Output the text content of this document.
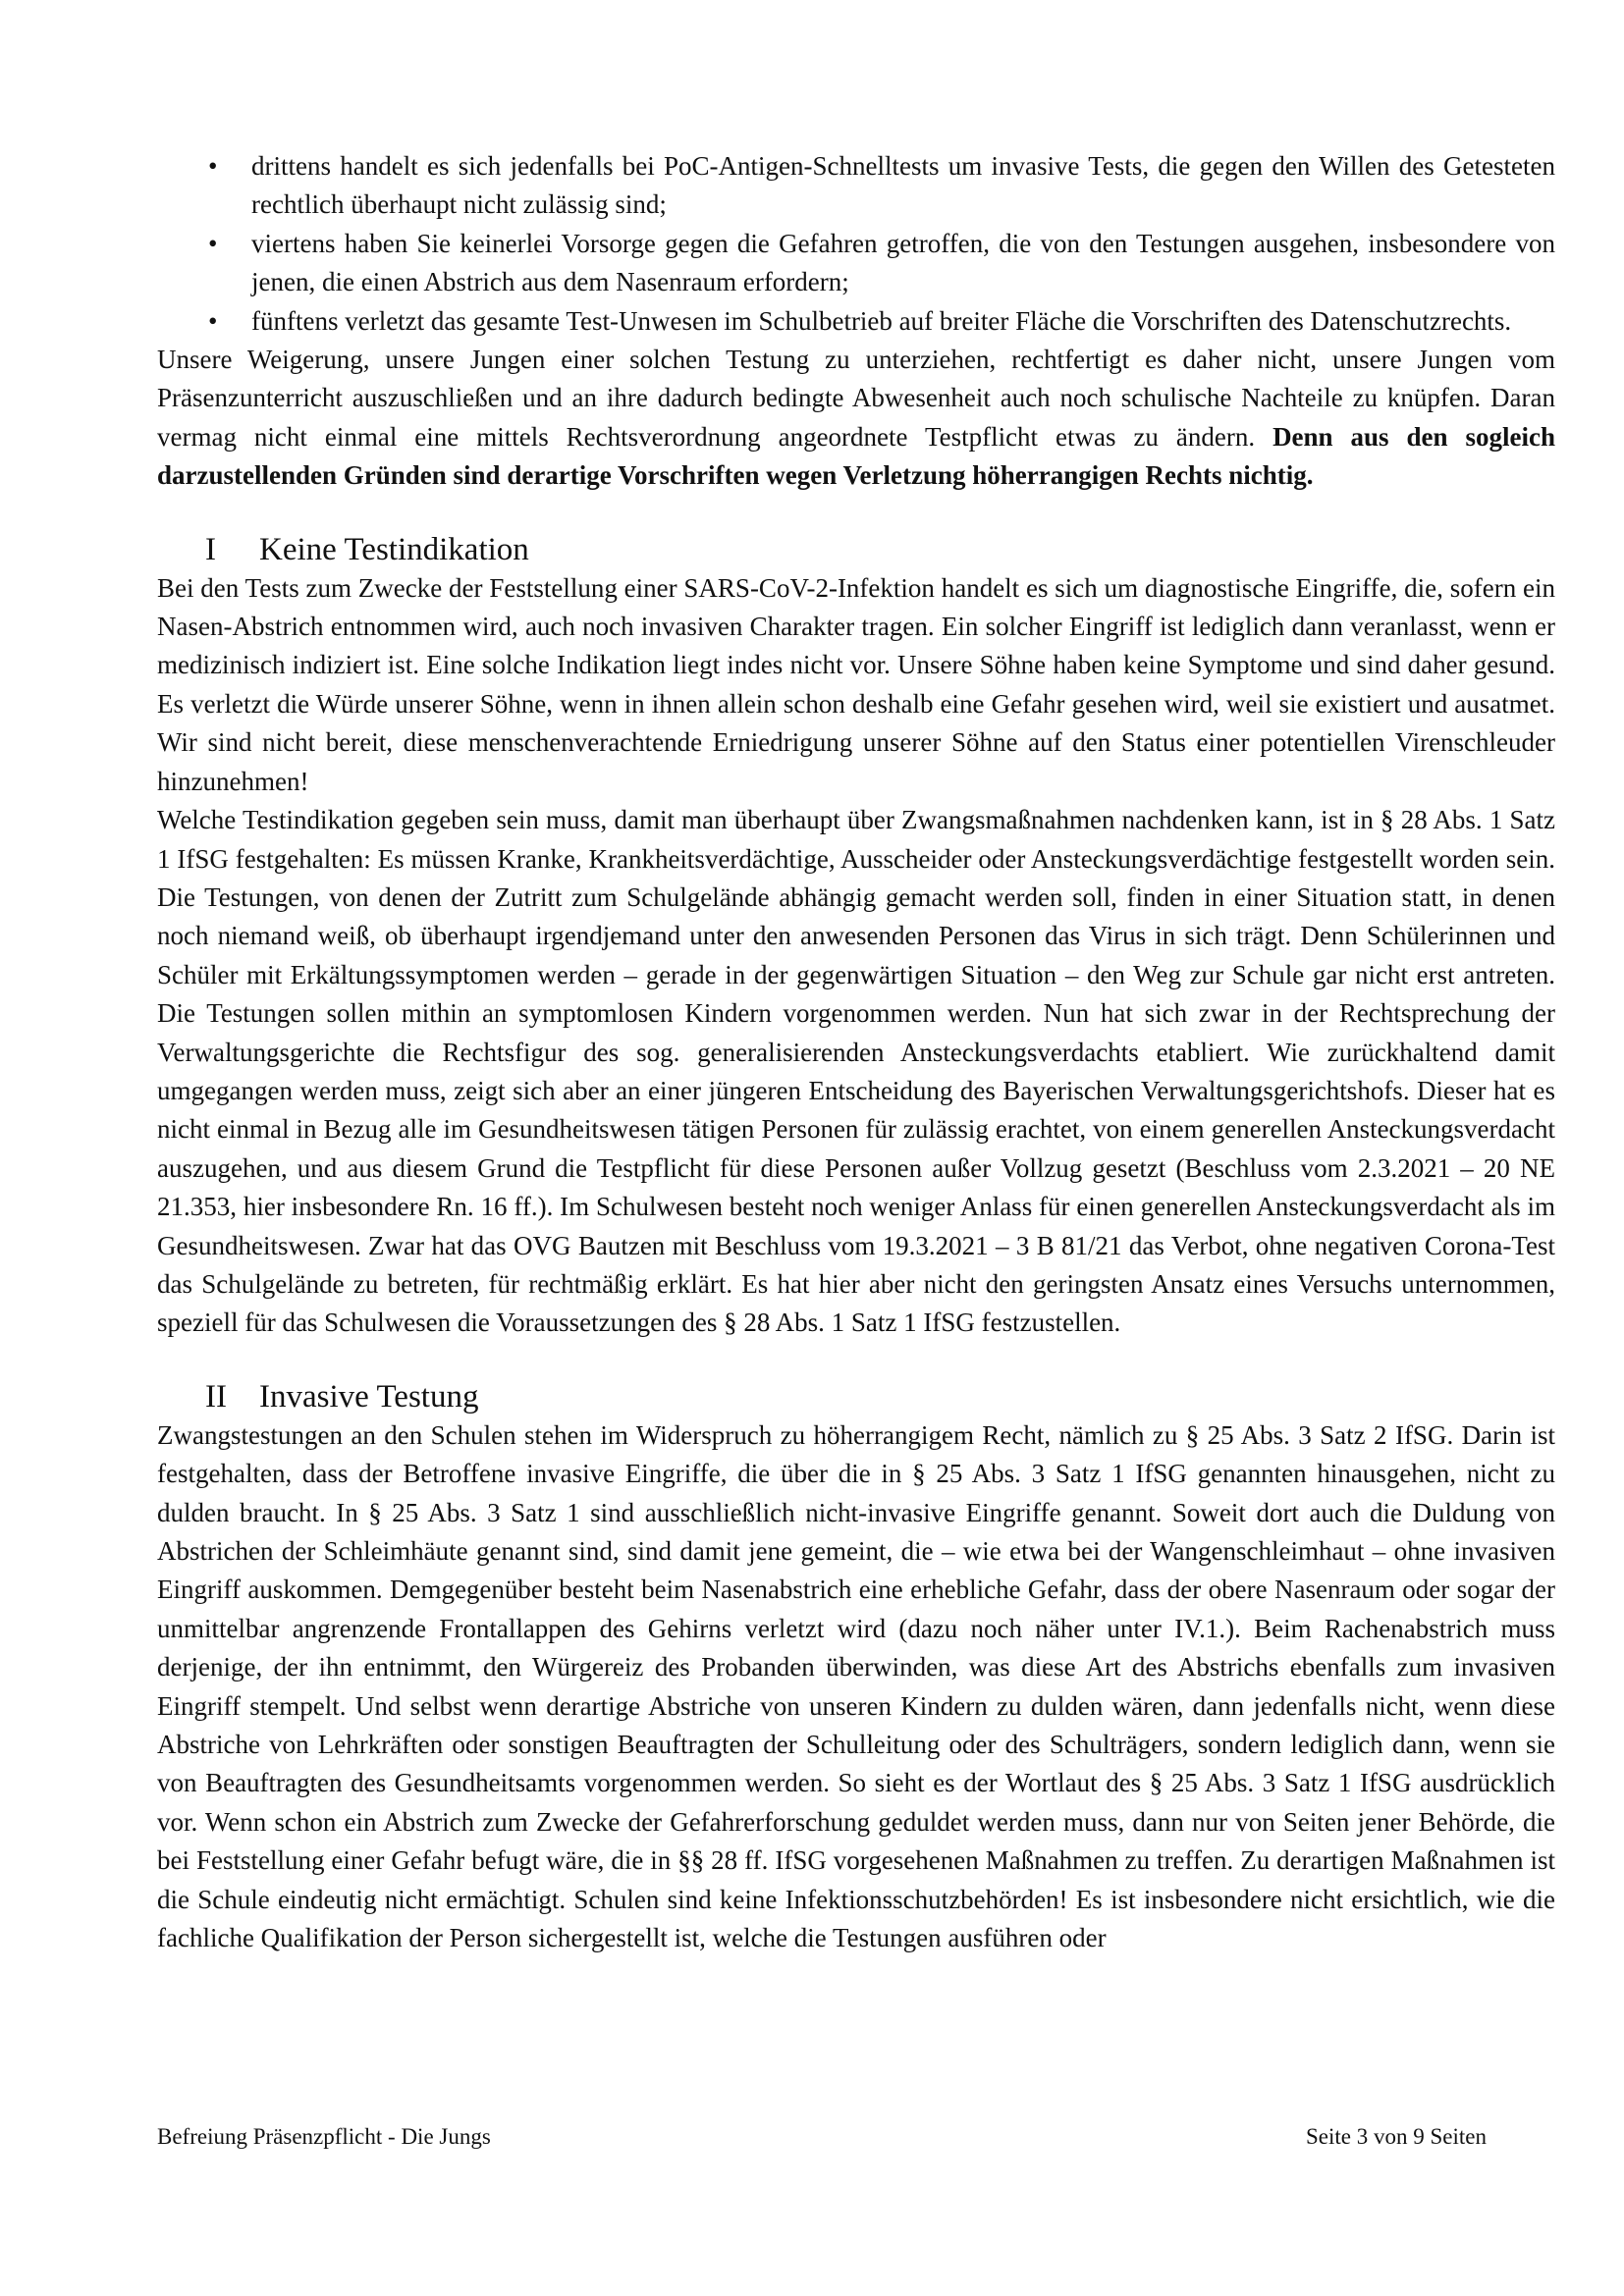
• drittens handelt es sich jedenfalls bei PoC-Antigen-Schnelltests um invasive Tests, die gegen den Willen des Getesteten rechtlich überhaupt nicht zulässig sind;
• viertens haben Sie keinerlei Vorsorge gegen die Gefahren getroffen, die von den Testungen ausgehen, insbesondere von jenen, die einen Abstrich aus dem Nasenraum erfordern;
• fünftens verletzt das gesamte Test-Unwesen im Schulbetrieb auf breiter Fläche die Vorschriften des Datenschutzrechts.

Unsere Weigerung, unsere Jungen einer solchen Testung zu unterziehen, rechtfertigt es daher nicht, unsere Jungen vom Präsenzunterricht auszuschließen und an ihre dadurch bedingte Abwesenheit auch noch schulische Nachteile zu knüpfen. Daran vermag nicht einmal eine mittels Rechtsverordnung angeordnete Testpflicht etwas zu ändern. Denn aus den sogleich darzustellenden Gründen sind derartige Vorschriften wegen Verletzung höherrangigen Rechts nichtig.

I	Keine Testindikation

Bei den Tests zum Zwecke der Feststellung einer SARS-CoV-2-Infektion handelt es sich um diagnostische Eingriffe, die, sofern ein Nasen-Abstrich entnommen wird, auch noch invasiven Charakter tragen. Ein solcher Eingriff ist lediglich dann veranlasst, wenn er medizinisch indiziert ist. Eine solche Indikation liegt indes nicht vor. Unsere Söhne haben keine Symptome und sind daher gesund. Es verletzt die Würde unserer Söhne, wenn in ihnen allein schon deshalb eine Gefahr gesehen wird, weil sie existiert und ausatmet. Wir sind nicht bereit, diese menschenverachtende Erniedrigung unserer Söhne auf den Status einer potentiellen Virenschleuder hinzunehmen!

Welche Testindikation gegeben sein muss, damit man überhaupt über Zwangsmaßnahmen nachdenken kann, ist in § 28 Abs. 1 Satz 1 IfSG festgehalten: Es müssen Kranke, Krankheitsverdächtige, Ausscheider oder Ansteckungsverdächtige festgestellt worden sein. Die Testungen, von denen der Zutritt zum Schulgelände abhängig gemacht werden soll, finden in einer Situation statt, in denen noch niemand weiß, ob überhaupt irgendjemand unter den anwesenden Personen das Virus in sich trägt. Denn Schülerinnen und Schüler mit Erkältungssymptomen werden – gerade in der gegenwärtigen Situation – den Weg zur Schule gar nicht erst antreten. Die Testungen sollen mithin an symptomlosen Kindern vorgenommen werden. Nun hat sich zwar in der Rechtsprechung der Verwaltungsgerichte die Rechtsfigur des sog. generalisierenden Ansteckungsverdachts etabliert. Wie zurückhaltend damit umgegangen werden muss, zeigt sich aber an einer jüngeren Entscheidung des Bayerischen Verwaltungsgerichtshofs. Dieser hat es nicht einmal in Bezug alle im Gesundheitswesen tätigen Personen für zulässig erachtet, von einem generellen Ansteckungsverdacht auszugehen, und aus diesem Grund die Testpflicht für diese Personen außer Vollzug gesetzt (Beschluss vom 2.3.2021 – 20 NE 21.353, hier insbesondere Rn. 16 ff.). Im Schulwesen besteht noch weniger Anlass für einen generellen Ansteckungsverdacht als im Gesundheitswesen. Zwar hat das OVG Bautzen mit Beschluss vom 19.3.2021 – 3 B 81/21 das Verbot, ohne negativen Corona-Test das Schulgelände zu betreten, für rechtmäßig erklärt. Es hat hier aber nicht den geringsten Ansatz eines Versuchs unternommen, speziell für das Schulwesen die Voraussetzungen des § 28 Abs. 1 Satz 1 IfSG festzustellen.

II	Invasive Testung

Zwangstestungen an den Schulen stehen im Widerspruch zu höherrangigem Recht, nämlich zu § 25 Abs. 3 Satz 2 IfSG. Darin ist festgehalten, dass der Betroffene invasive Eingriffe, die über die in § 25 Abs. 3 Satz 1 IfSG genannten hinausgehen, nicht zu dulden braucht. In § 25 Abs. 3 Satz 1 sind ausschließlich nicht-invasive Eingriffe genannt. Soweit dort auch die Duldung von Abstrichen der Schleimhäute genannt sind, sind damit jene gemeint, die – wie etwa bei der Wangenschleimhaut – ohne invasiven Eingriff auskommen. Demgegenüber besteht beim Nasenabstrich eine erhebliche Gefahr, dass der obere Nasenraum oder sogar der unmittelbar angrenzende Frontallappen des Gehirns verletzt wird (dazu noch näher unter IV.1.). Beim Rachenabstrich muss derjenige, der ihn entnimmt, den Würgereiz des Probanden überwinden, was diese Art des Abstrichs ebenfalls zum invasiven Eingriff stempelt. Und selbst wenn derartige Abstriche von unseren Kindern zu dulden wären, dann jedenfalls nicht, wenn diese Abstriche von Lehrkräften oder sonstigen Beauftragten der Schulleitung oder des Schulträgers, sondern lediglich dann, wenn sie von Beauftragten des Gesundheitsamts vorgenommen werden. So sieht es der Wortlaut des § 25 Abs. 3 Satz 1 IfSG ausdrücklich vor. Wenn schon ein Abstrich zum Zwecke der Gefahrerforschung geduldet werden muss, dann nur von Seiten jener Behörde, die bei Feststellung einer Gefahr befugt wäre, die in §§ 28 ff. IfSG vorgesehenen Maßnahmen zu treffen. Zu derartigen Maßnahmen ist die Schule eindeutig nicht ermächtigt. Schulen sind keine Infektionsschutzbehörden! Es ist insbesondere nicht ersichtlich, wie die fachliche Qualifikation der Person sichergestellt ist, welche die Testungen ausführen oder

Befreiung Präsenzpflicht - Die Jungs	Seite 3 von 9 Seiten
